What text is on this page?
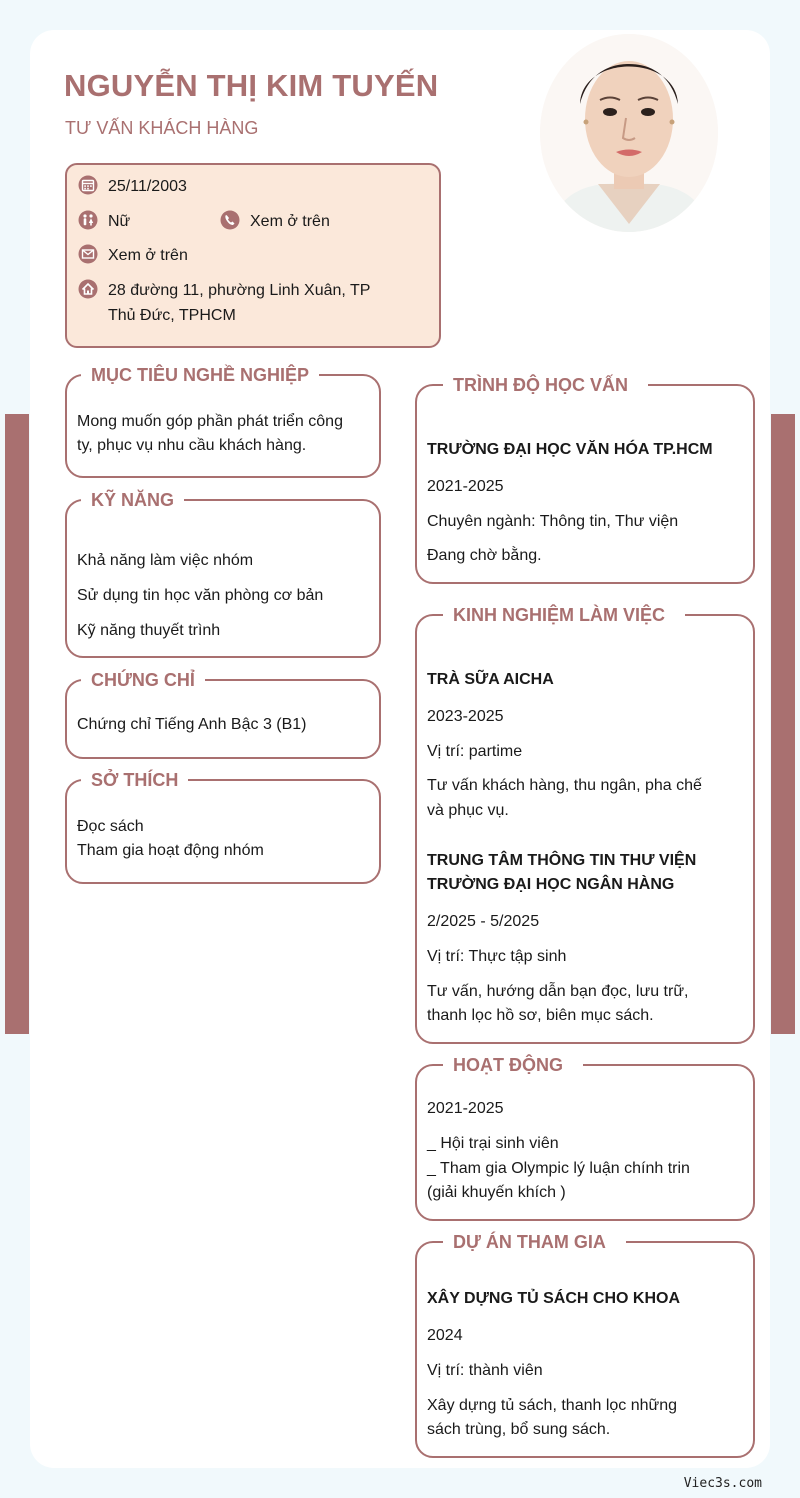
NGUYỄN THỊ KIM TUYẾN
TƯ VẤN KHÁCH HÀNG
25/11/2003
Nữ	Xem ở trên
Xem ở trên
28 đường 11, phường Linh Xuân, TP
Thủ Đức, TPHCM
MỤC TIÊU NGHỀ NGHIỆP
Mong muốn góp phần phát triển công
ty, phục vụ nhu cầu khách hàng.
KỸ NĂNG
Khả năng làm việc nhóm
Sử dụng tin học văn phòng cơ bản
Kỹ năng thuyết trình
CHỨNG CHỈ
Chứng chỉ Tiếng Anh Bậc 3 (B1)
SỞ THÍCH
Đọc sách
Tham gia hoạt động nhóm
TRÌNH ĐỘ HỌC VẤN
TRƯỜNG ĐẠI HỌC VĂN HÓA TP.HCM
2021-2025
Chuyên ngành: Thông tin, Thư viện
Đang chờ bằng.
KINH NGHIỆM LÀM VIỆC
TRÀ SỮA AICHA
2023-2025
Vị trí: partime
Tư vấn khách hàng, thu ngân, pha chế
và phục vụ.
TRUNG TÂM THÔNG TIN THƯ VIỆN
TRƯỜNG ĐẠI HỌC NGÂN HÀNG
2/2025 - 5/2025
Vị trí: Thực tập sinh
Tư vấn, hướng dẫn bạn đọc, lưu trữ,
thanh lọc hồ sơ, biên mục sách.
HOẠT ĐỘNG
2021-2025
_ Hội trại sinh viên
_ Tham gia Olympic lý luận chính trin
(giải khuyến khích )
DỰ ÁN THAM GIA
XÂY DỰNG TỦ SÁCH CHO KHOA
2024
Vị trí: thành viên
Xây dựng tủ sách, thanh lọc những
sách trùng, bổ sung sách.
Viec3s.com
